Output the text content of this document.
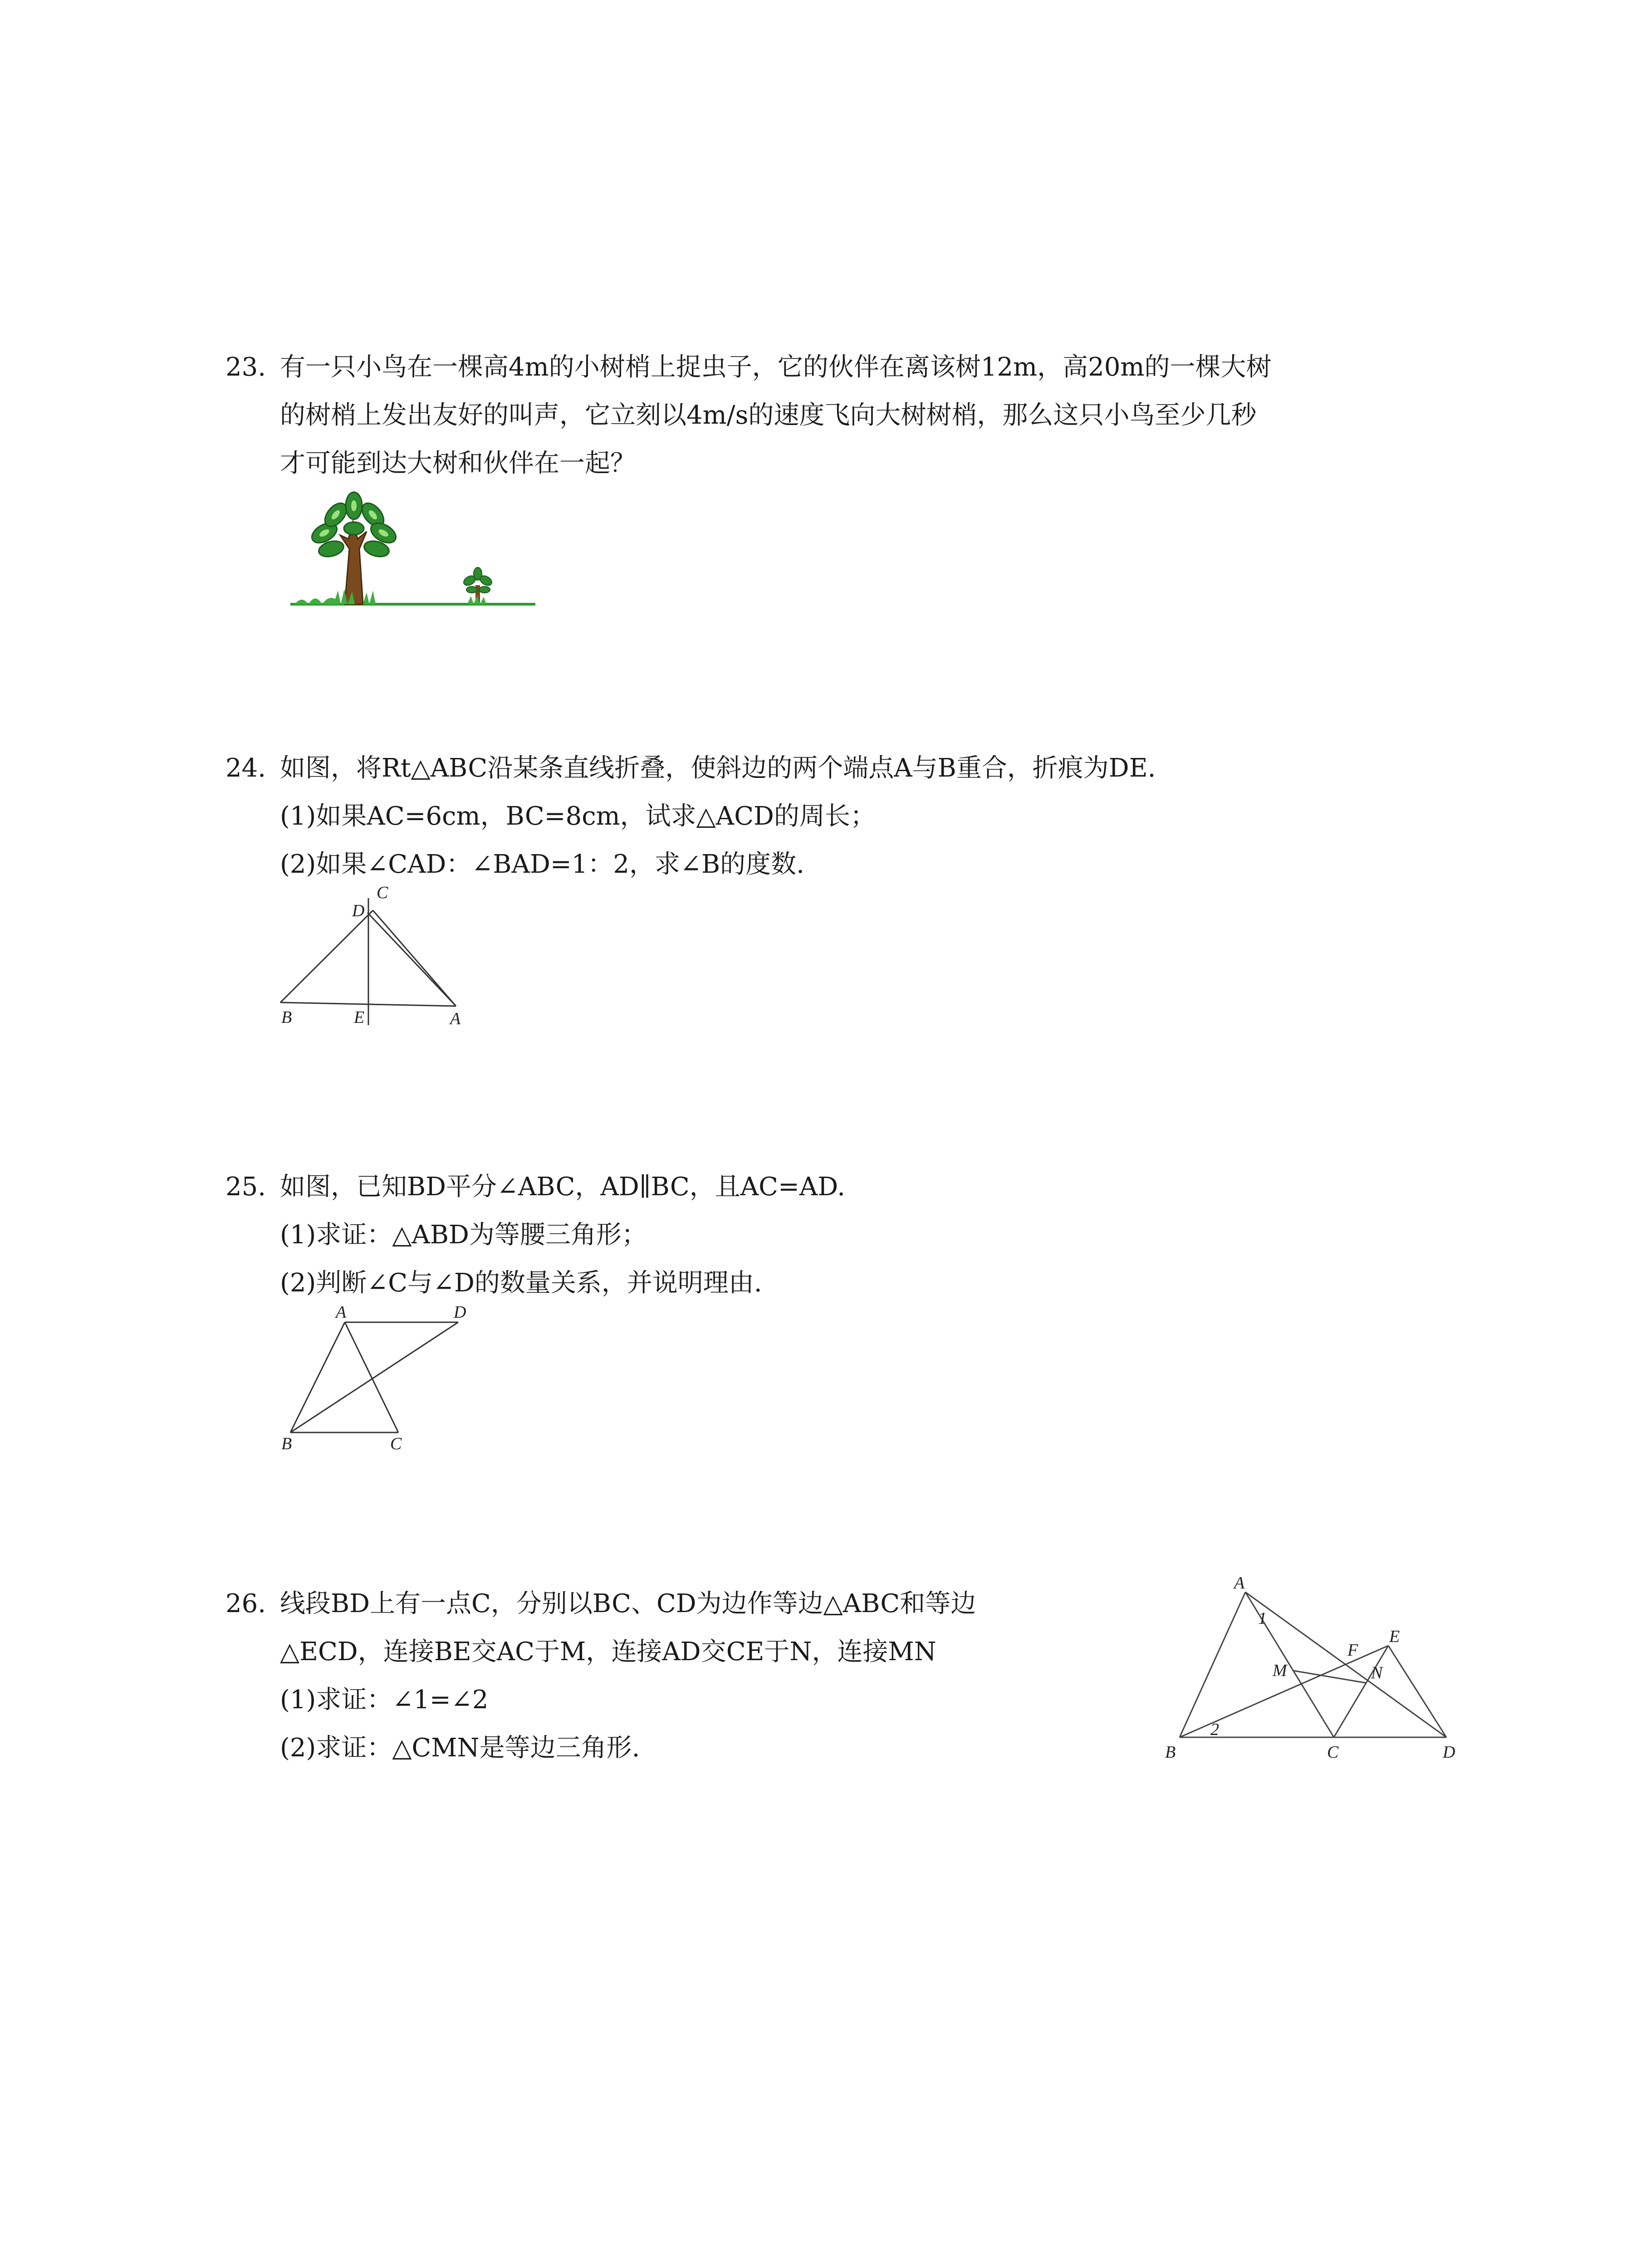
23. 有一只小鸟在一棵高4m的小树梢上捉虫子，它的伙伴在离该树12m，高20m的一棵大树
的树梢上发出友好的叫声，它立刻以4m/s的速度飞向大树树梢，那么这只小鸟至少几秒
才可能到达大树和伙伴在一起？
24. 如图，将Rt△ABC沿某条直线折叠，使斜边的两个端点A与B重合，折痕为DE.
(1)如果AC=6cm，BC=8cm，试求△ACD的周长；
(2)如果∠CAD：∠BAD=1：2，求∠B的度数.
B	E	A
D
C
25. 如图，已知BD平分∠ABC，AD∥BC，且AC=AD.
(1)求证：△ABD为等腰三角形；
(2)判断∠C与∠D的数量关系，并说明理由.
A	D
B	C
26. 线段BD上有一点C，分别以BC、CD为边作等边△ABC和等边
△ECD，连接BE交AC于M，连接AD交CE于N，连接MN
(1)求证：∠1=∠2
(2)求证：△CMN是等边三角形.
A
B	C	D
E
F
M	N
1
2
